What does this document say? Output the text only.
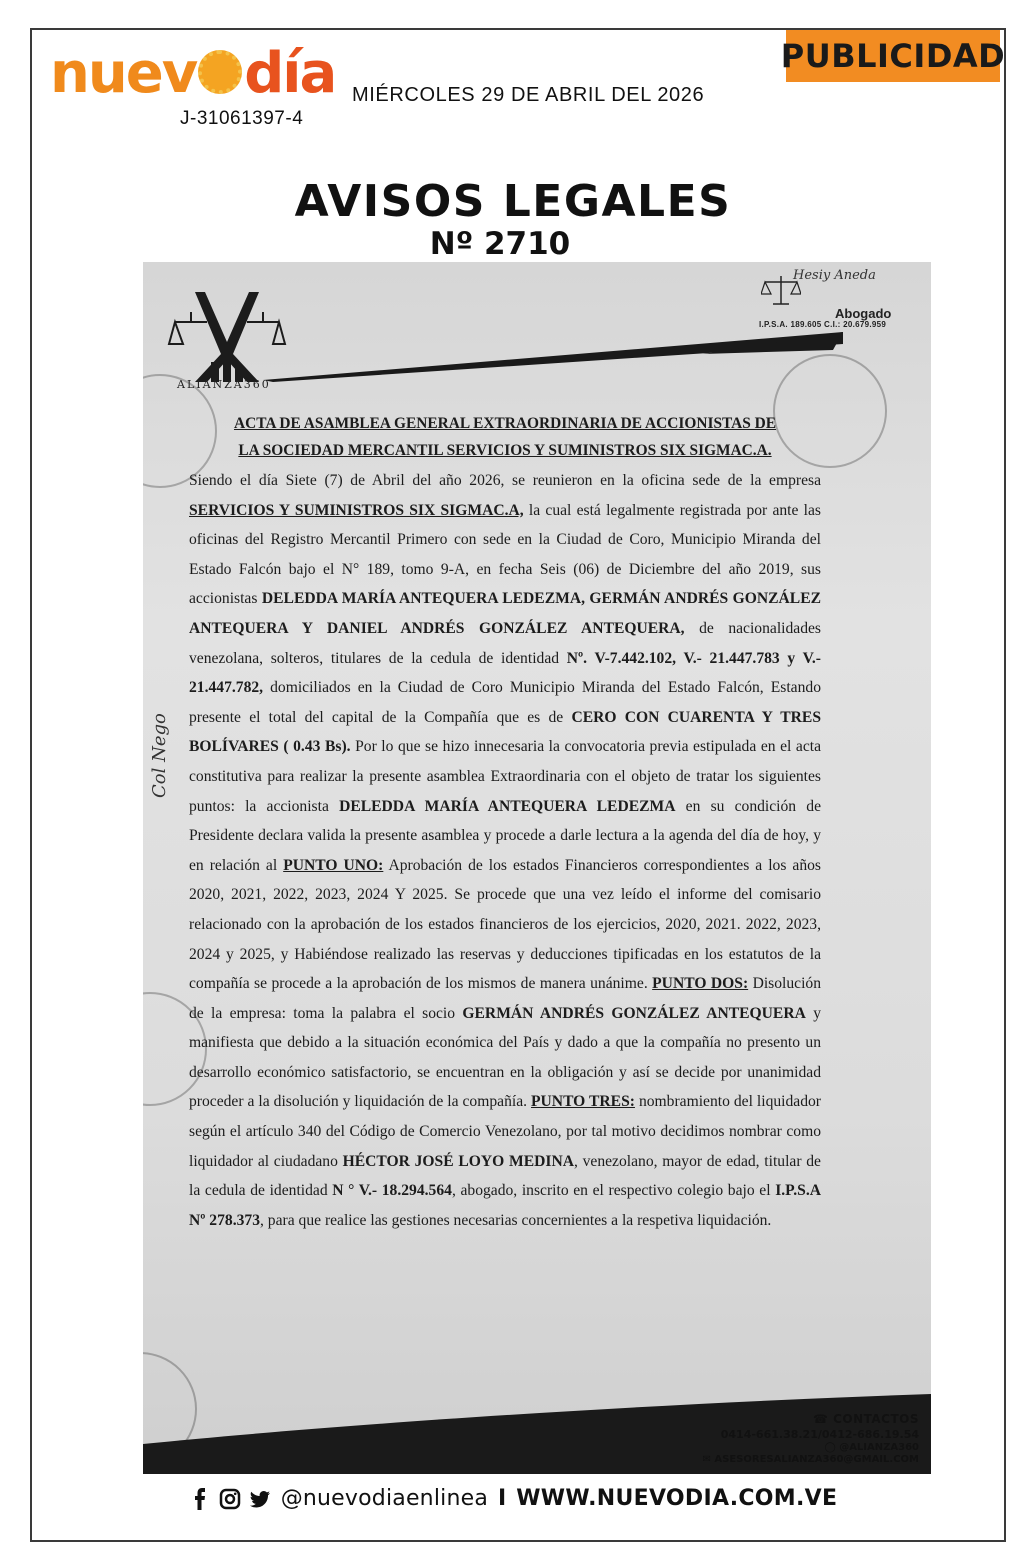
nuev día
J-31061397-4
MIÉRCOLES 29 DE ABRIL DEL 2026
PUBLICIDAD
AVISOS LEGALES
Nº 2710
ALIANZA360
Hesiy Aneda
Abogado
I.P.S.A. 189.605 C.I.: 20.679.959
Col Nego
ACTA DE ASAMBLEA GENERAL EXTRAORDINARIA DE ACCIONISTAS DE
LA SOCIEDAD MERCANTIL SERVICIOS Y SUMINISTROS SIX SIGMAC.A.
Siendo el día Siete (7) de Abril del año 2026, se reunieron en la oficina sede de la empresa SERVICIOS Y SUMINISTROS SIX SIGMAC.A, la cual está legalmente registrada por ante las oficinas del Registro Mercantil Primero con sede en la Ciudad de Coro, Municipio Miranda del Estado Falcón bajo el N° 189, tomo 9-A, en fecha Seis (06) de Diciembre del año 2019, sus accionistas DELEDDA MARÍA ANTEQUERA LEDEZMA, GERMÁN ANDRÉS GONZÁLEZ ANTEQUERA Y DANIEL ANDRÉS GONZÁLEZ ANTEQUERA, de nacionalidades venezolana, solteros, titulares de la cedula de identidad Nº. V-7.442.102, V.- 21.447.783 y V.- 21.447.782, domiciliados en la Ciudad de Coro Municipio Miranda del Estado Falcón, Estando presente el total del capital de la Compañía que es de CERO CON CUARENTA Y TRES BOLÍVARES ( 0.43 Bs). Por lo que se hizo innecesaria la convocatoria previa estipulada en el acta constitutiva para realizar la presente asamblea Extraordinaria con el objeto de tratar los siguientes puntos: la accionista DELEDDA MARÍA ANTEQUERA LEDEZMA en su condición de Presidente declara valida la presente asamblea y procede a darle lectura a la agenda del día de hoy, y en relación al PUNTO UNO: Aprobación de los estados Financieros correspondientes a los años 2020, 2021, 2022, 2023, 2024 Y 2025. Se procede que una vez leído el informe del comisario relacionado con la aprobación de los estados financieros de los ejercicios, 2020, 2021. 2022, 2023, 2024 y 2025, y Habiéndose realizado las reservas y deducciones tipificadas en los estatutos de la compañía se procede a la aprobación de los mismos de manera unánime. PUNTO DOS: Disolución de la empresa: toma la palabra el socio GERMÁN ANDRÉS GONZÁLEZ ANTEQUERA y manifiesta que debido a la situación económica del País y dado a que la compañía no presento un desarrollo económico satisfactorio, se encuentran en la obligación y así se decide por unanimidad proceder a la disolución y liquidación de la compañía. PUNTO TRES: nombramiento del liquidador según el artículo 340 del Código de Comercio Venezolano, por tal motivo decidimos nombrar como liquidador al ciudadano HÉCTOR JOSÉ LOYO MEDINA, venezolano, mayor de edad, titular de la cedula de identidad N ° V.- 18.294.564, abogado, inscrito en el respectivo colegio bajo el I.P.S.A Nº 278.373, para que realice las gestiones necesarias concernientes a la respetiva liquidación.
☎ CONTACTOS
0414-661.38.21/0412-686.19.54
◯ @ALIANZA360
✉ ASESORESALIANZA360@GMAIL.COM
@nuevodiaenlinea I WWW.NUEVODIA.COM.VE
